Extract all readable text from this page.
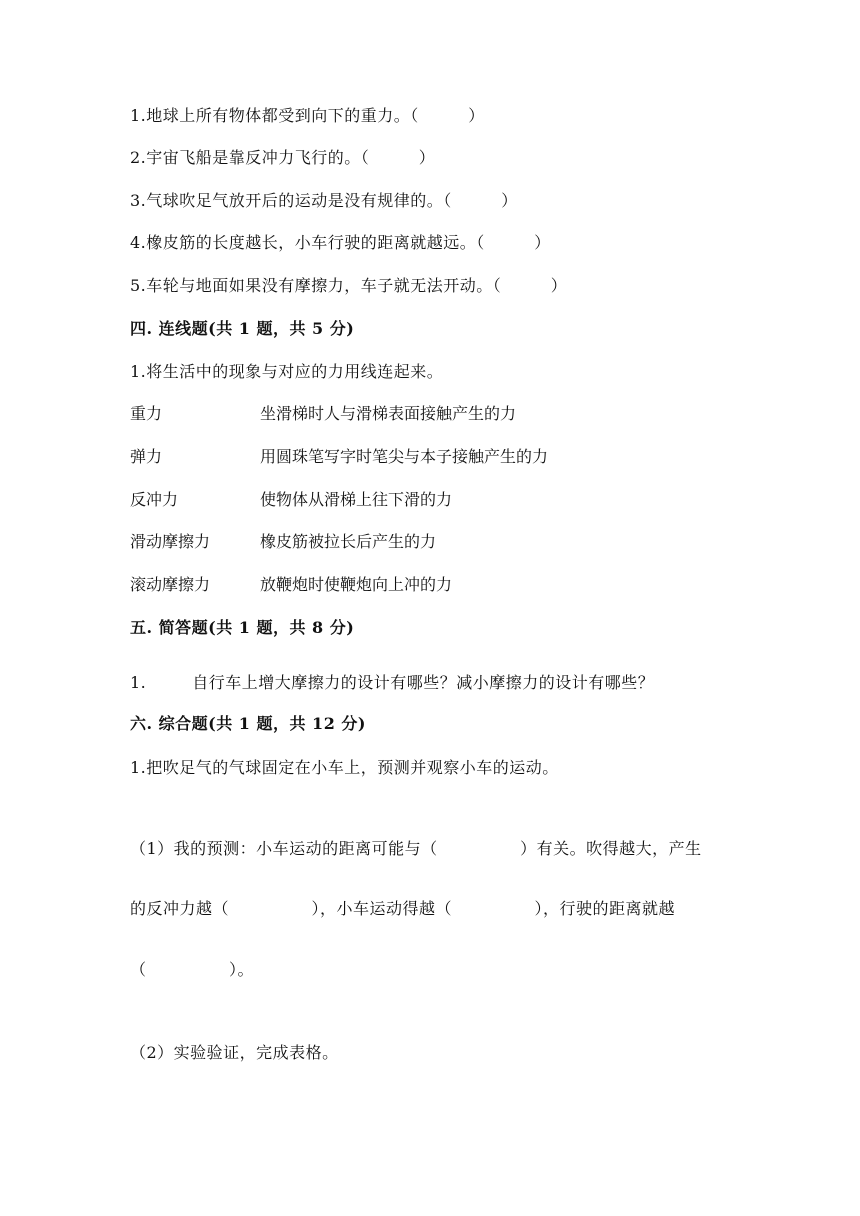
1.地球上所有物体都受到向下的重力。（　　　）
2.宇宙飞船是靠反冲力飞行的。（　　　）
3.气球吹足气放开后的运动是没有规律的。（　　　）
4.橡皮筋的长度越长，小车行驶的距离就越远。（　　　）
5.车轮与地面如果没有摩擦力，车子就无法开动。（　　　）
四. 连线题(共 1 题，共 5 分)
1.将生活中的现象与对应的力用线连起来。
重力	坐滑梯时人与滑梯表面接触产生的力
弹力	用圆珠笔写字时笔尖与本子接触产生的力
反冲力	使物体从滑梯上往下滑的力
滑动摩擦力	橡皮筋被拉长后产生的力
滚动摩擦力	放鞭炮时使鞭炮向上冲的力
五. 简答题(共 1 题，共 8 分)
1.	自行车上增大摩擦力的设计有哪些？减小摩擦力的设计有哪些？
六. 综合题(共 1 题，共 12 分)
1.把吹足气的气球固定在小车上，预测并观察小车的运动。
（1）我的预测：小车运动的距离可能与（　　　　　）有关。吹得越大，产生
的反冲力越（　　　　　），小车运动得越（　　　　　），行驶的距离就越
（　　　　　）。
（2）实验验证，完成表格。
